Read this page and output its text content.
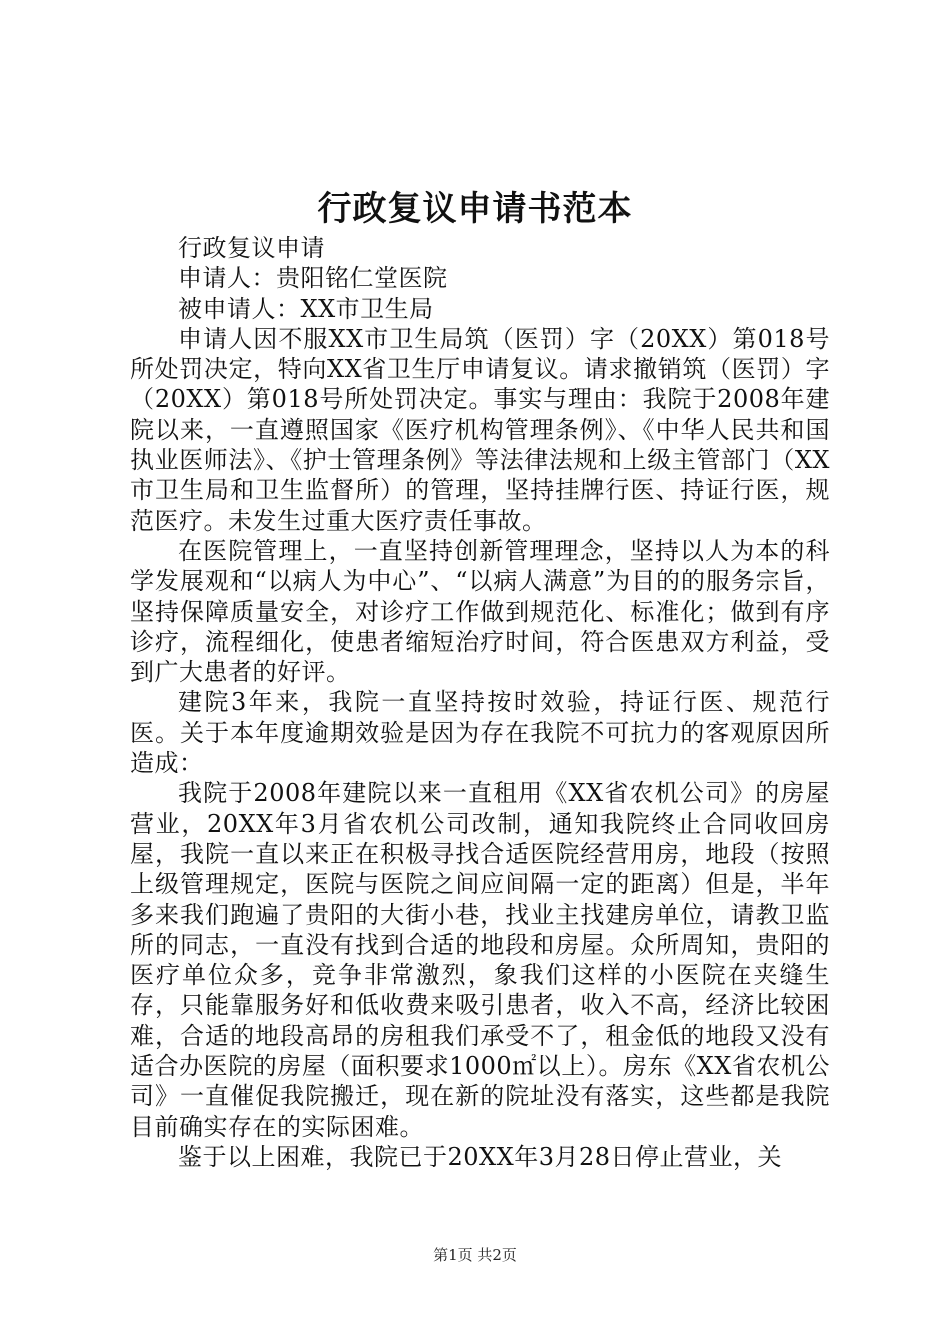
行政复议申请书范本

行政复议申请

申请人：贵阳铭仁堂医院

被申请人：XX市卫生局

申请人因不服XX市卫生局筑（医罚）字（20XX）第018号所处罚决定，特向XX省卫生厅申请复议。请求撤销筑（医罚）字（20XX）第018号所处罚决定。事实与理由：我院于2008年建院以来，一直遵照国家《医疗机构管理条例》、《中华人民共和国执业医师法》、《护士管理条例》等法律法规和上级主管部门（XX市卫生局和卫生监督所）的管理，坚持挂牌行医、持证行医，规范医疗。未发生过重大医疗责任事故。

在医院管理上，一直坚持创新管理理念，坚持以人为本的科学发展观和“以病人为中心”、“以病人满意”为目的的服务宗旨，坚持保障质量安全，对诊疗工作做到规范化、标准化；做到有序诊疗，流程细化，使患者缩短治疗时间，符合医患双方利益，受到广大患者的好评。

建院3年来，我院一直坚持按时效验，持证行医、规范行医。关于本年度逾期效验是因为存在我院不可抗力的客观原因所造成：

我院于2008年建院以来一直租用《XX省农机公司》的房屋营业，20XX年3月省农机公司改制，通知我院终止合同收回房屋，我院一直以来正在积极寻找合适医院经营用房，地段（按照上级管理规定，医院与医院之间应间隔一定的距离）但是，半年多来我们跑遍了贵阳的大街小巷，找业主找建房单位，请教卫监所的同志，一直没有找到合适的地段和房屋。众所周知，贵阳的医疗单位众多，竞争非常激烈，象我们这样的小医院在夹缝生存，只能靠服务好和低收费来吸引患者，收入不高，经济比较困难，合适的地段高昂的房租我们承受不了，租金低的地段又没有适合办医院的房屋（面积要求1000㎡以上）。房东《XX省农机公司》一直催促我院搬迁，现在新的院址没有落实，这些都是我院目前确实存在的实际困难。

鉴于以上困难，我院已于20XX年3月28日停止营业，关

第1页 共2页
